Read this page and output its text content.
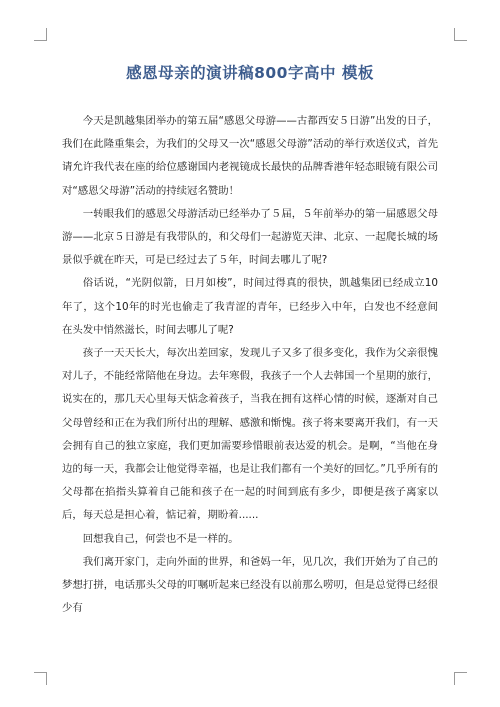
感恩母亲的演讲稿800字高中 模板

今天是凯越集团举办的第五届“感恩父母游——古都西安５日游”出发的日子，我们在此隆重集会，为我们的父母又一次“感恩父母游”活动的举行欢送仪式，首先请允许我代表在座的给位感谢国内老视镜成长最快的品牌香港年轻态眼镜有限公司对“感恩父母游”活动的持续冠名赞助！

一转眼我们的感恩父母游活动已经举办了５届，５年前举办的第一届感恩父母游——北京５日游是有我带队的，和父母们一起游览天津、北京、一起爬长城的场景似乎就在昨天，可是已经过去了５年，时间去哪儿了呢?

俗话说，“光阴似箭，日月如梭”，时间过得真的很快，凯越集团已经成立10年了，这个10年的时光也偷走了我青涩的青年，已经步入中年，白发也不经意间在头发中悄然滋长，时间去哪儿了呢?

孩子一天天长大，每次出差回家，发现儿子又多了很多变化，我作为父亲很愧对儿子，不能经常陪他在身边。去年寒假，我孩子一个人去韩国一个星期的旅行，说实在的，那几天心里每天惦念着孩子，当我在拥有这样心情的时候，逐渐对自己父母曾经和正在为我们所付出的理解、感激和惭愧。孩子将来要离开我们，有一天会拥有自己的独立家庭，我们更加需要珍惜眼前表达爱的机会。是啊，“当他在身边的每一天，我都会让他觉得幸福，也是让我们都有一个美好的回忆。”几乎所有的父母都在掐指头算着自己能和孩子在一起的时间到底有多少，即便是孩子离家以后，每天总是担心着，惦记着，期盼着......

回想我自己，何尝也不是一样的。

我们离开家门，走向外面的世界，和爸妈一年，见几次，我们开始为了自己的梦想打拼，电话那头父母的叮嘱听起来已经没有以前那么唠叨，但是总觉得已经很少有
